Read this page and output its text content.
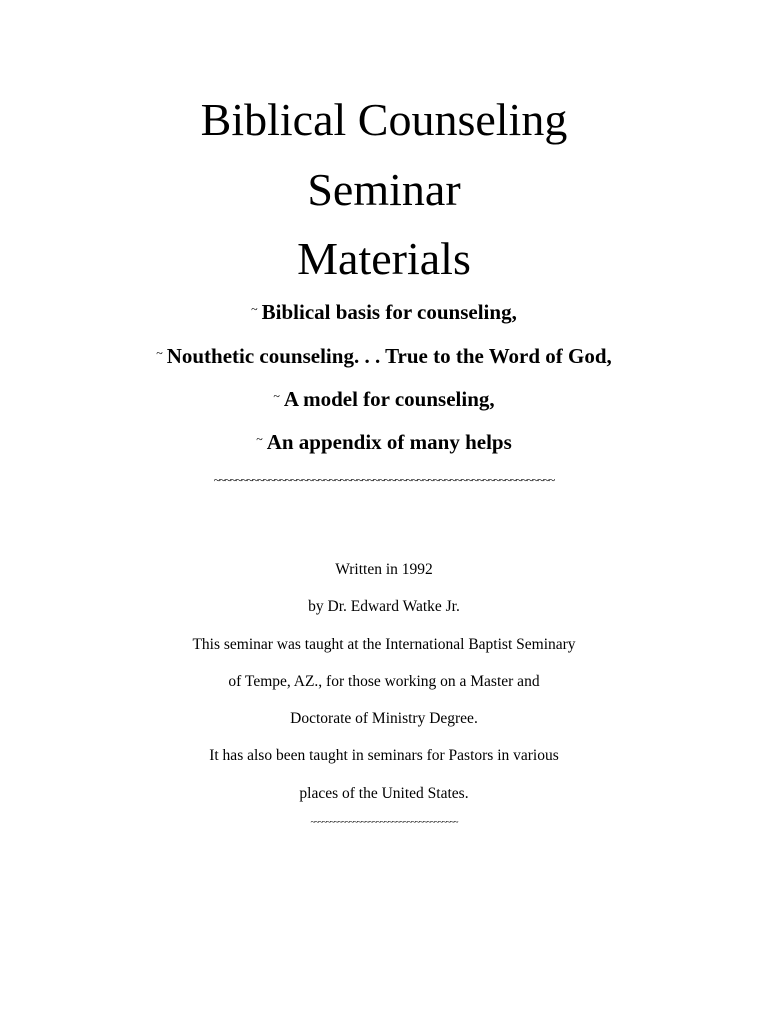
Biblical Counseling
Seminar
Materials
~ Biblical basis for counseling,
~ Nouthetic counseling. . . True to the Word of God,
~ A model for counseling,
~ An appendix of many helps
~~~~~~~~~~~~~~~~~~~~~~~~~~~~~~~~~~~~~~~~~~~~~~~~~~~~~~~~~~~~~~
Written in 1992
by Dr. Edward Watke Jr.
This seminar was taught at the International Baptist Seminary
of Tempe, AZ., for those working on a Master and
Doctorate of Ministry Degree.
It has also been taught in seminars for Pastors in various
places of the United States.
~~~~~~~~~~~~~~~~~~~~~~~~~~~~~~~~~~~~~~
